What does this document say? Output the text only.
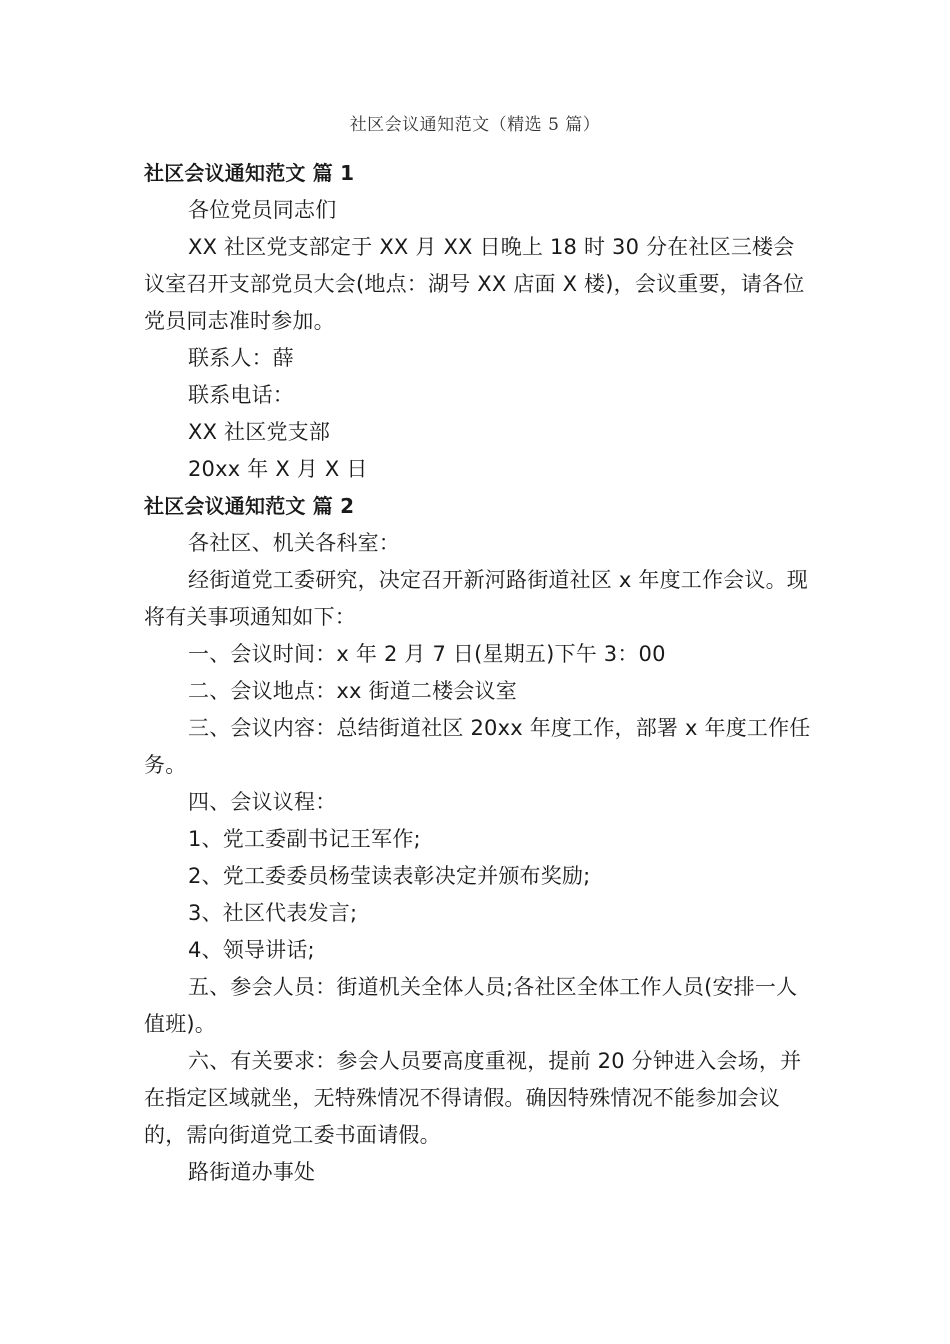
社区会议通知范文（精选 5 篇）
社区会议通知范文 篇 1

各位党员同志们

XX 社区党支部定于 XX 月 XX 日晚上 18 时 30 分在社区三楼会议室召开支部党员大会(地点：湖号 XX 店面 X 楼)，会议重要，请各位党员同志准时参加。

联系人：薛

联系电话：

XX 社区党支部

20xx 年 X 月 X 日

社区会议通知范文 篇 2

各社区、机关各科室：

经街道党工委研究，决定召开新河路街道社区 x 年度工作会议。现将有关事项通知如下：

一、会议时间：x 年 2 月 7 日(星期五)下午 3：00

二、会议地点：xx 街道二楼会议室

三、会议内容：总结街道社区 20xx 年度工作，部署 x 年度工作任务。

四、会议议程：

1、党工委副书记王军作;

2、党工委委员杨莹读表彰决定并颁布奖励;

3、社区代表发言;

4、领导讲话;

五、参会人员：街道机关全体人员;各社区全体工作人员(安排一人值班)。

六、有关要求：参会人员要高度重视，提前 20 分钟进入会场，并在指定区域就坐，无特殊情况不得请假。确因特殊情况不能参加会议的，需向街道党工委书面请假。

路街道办事处
